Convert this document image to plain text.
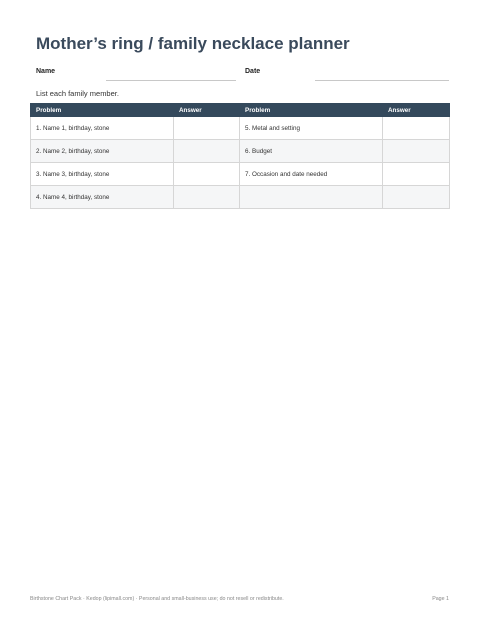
Mother’s ring / family necklace planner
Name	Date
List each family member.
Problem	Answer	Problem	Answer
1. Name 1, birthday, stone		5. Metal and setting	
2. Name 2, birthday, stone		6. Budget	
3. Name 3, birthday, stone		7. Occasion and date needed	
4. Name 4, birthday, stone			
Birthstone Chart Pack · Kedop (lipimall.com) · Personal and small-business use; do not resell or redistribute.	Page 1
